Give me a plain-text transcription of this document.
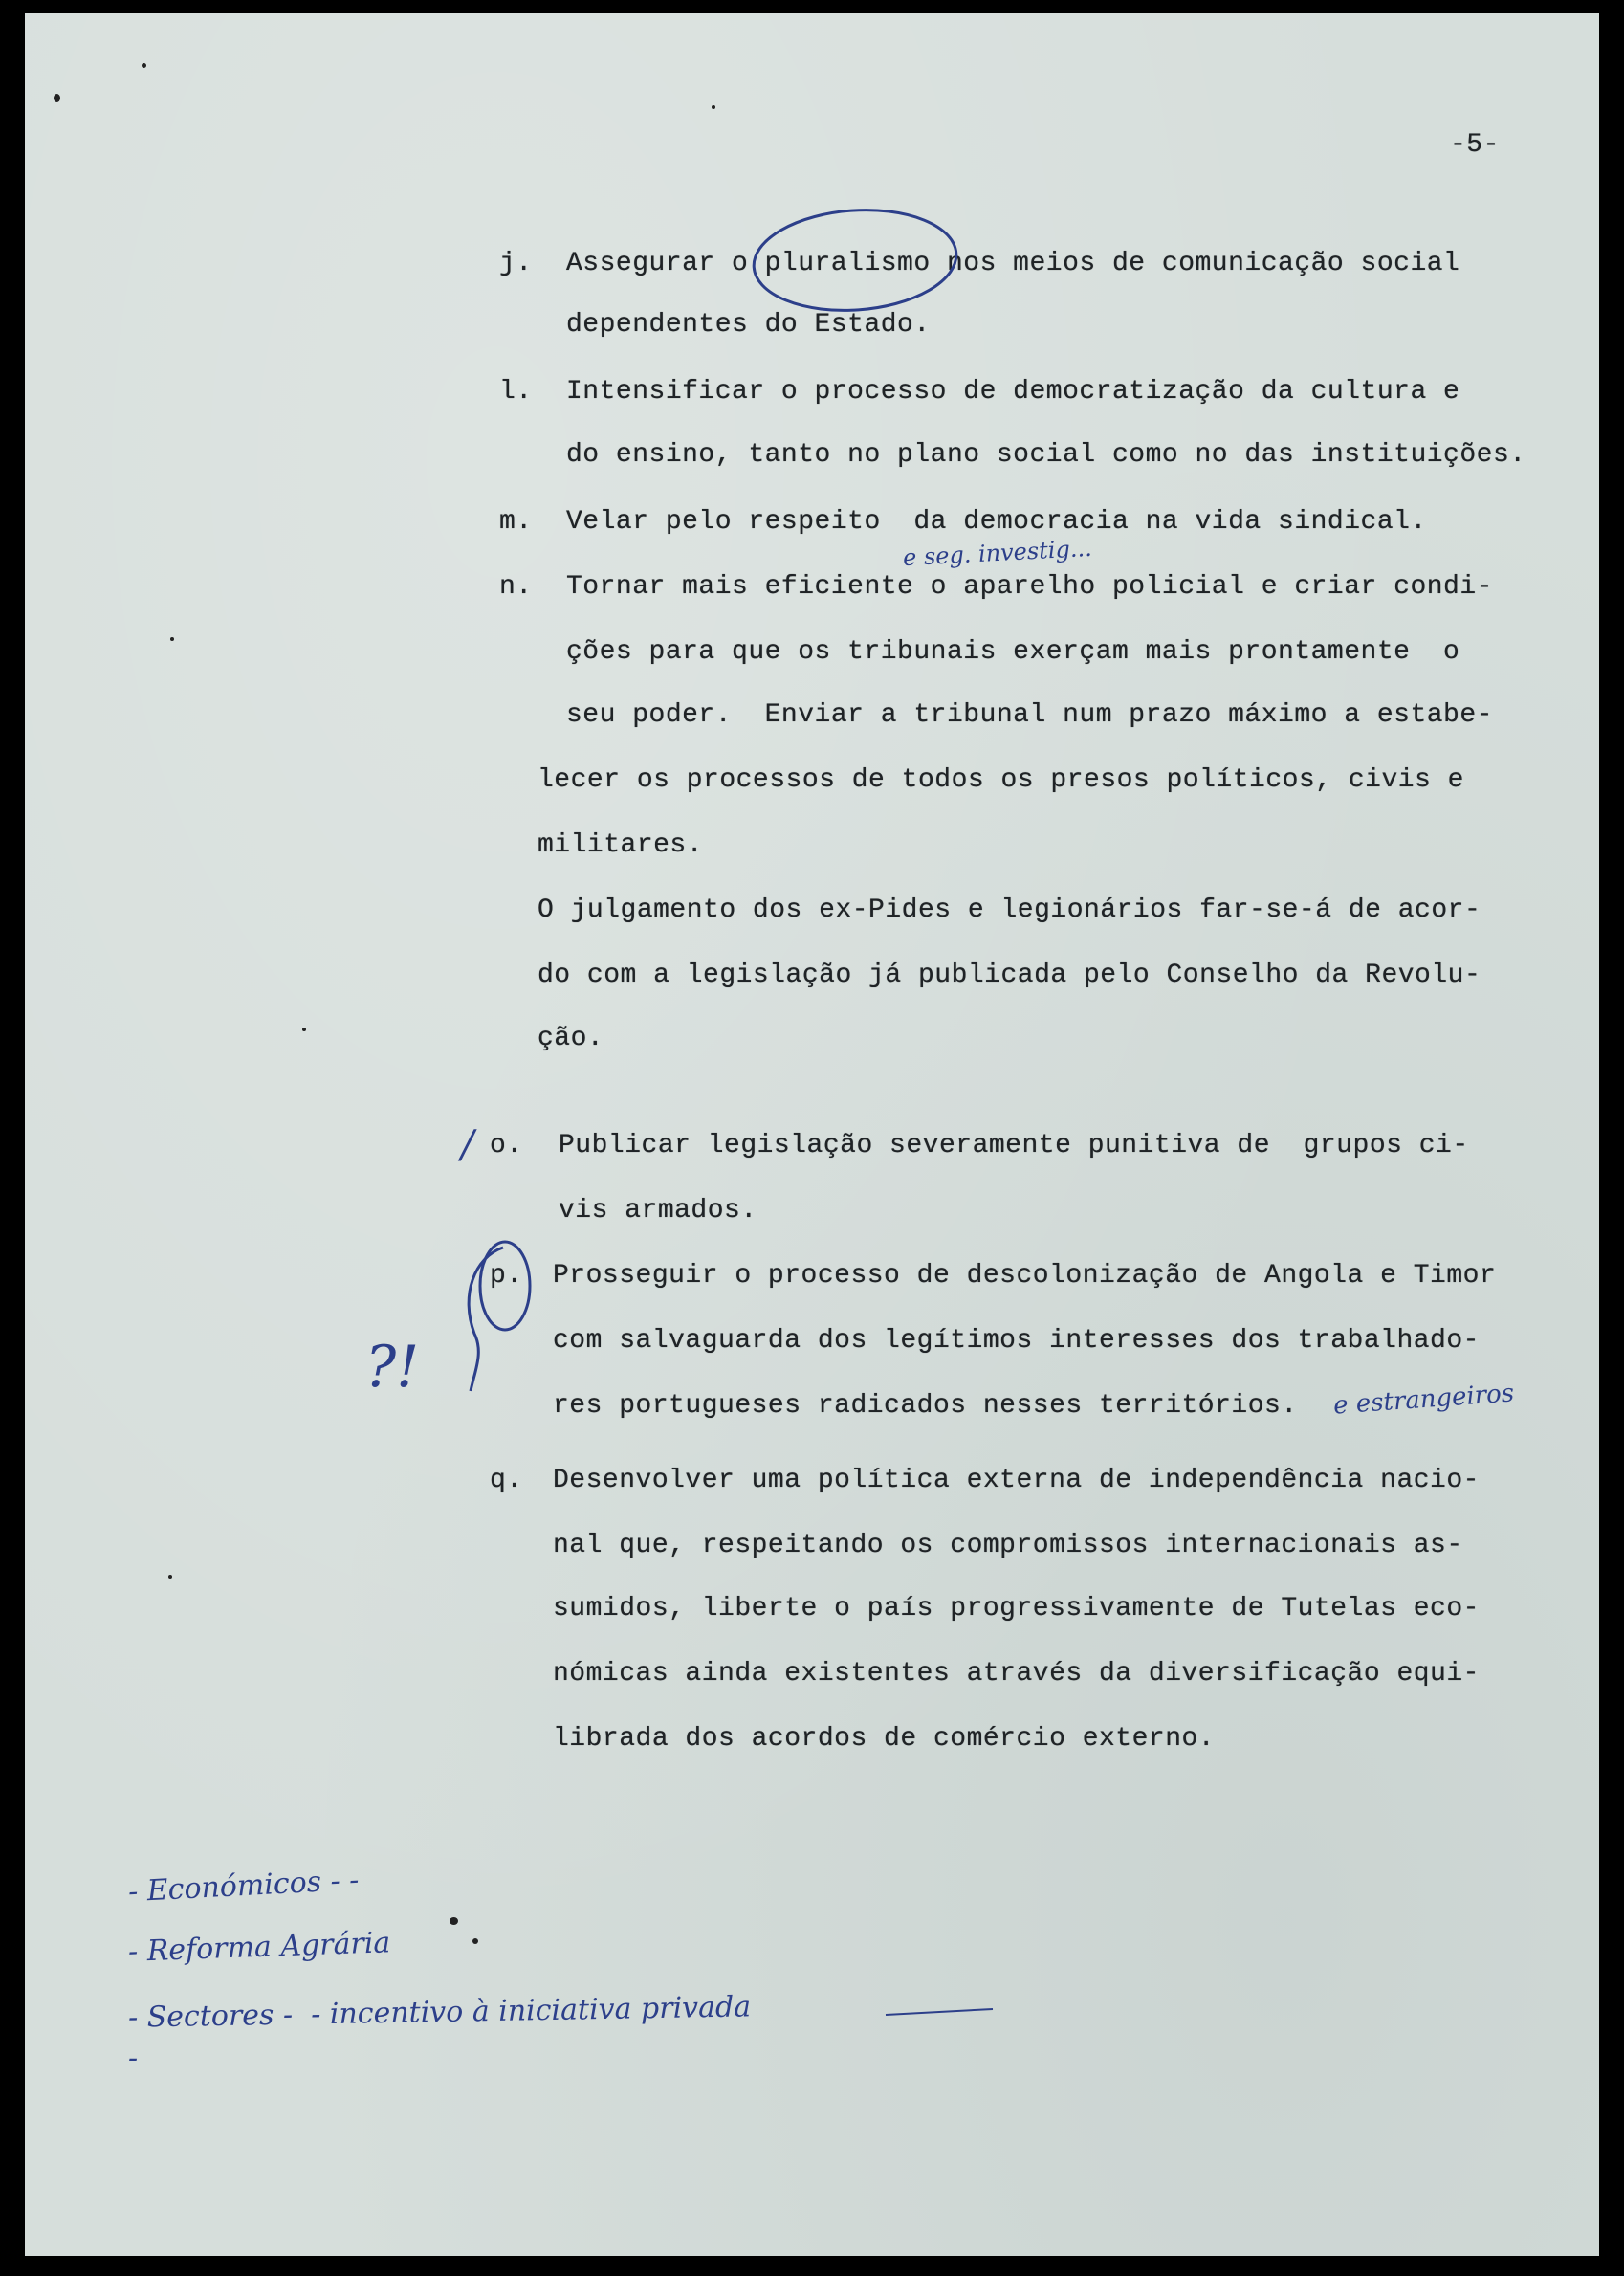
-5-
j. Assegurar o pluralismo nos meios de comunicação social
dependentes do Estado.
l. Intensificar o processo de democratização da cultura e
do ensino, tanto no plano social como no das instituições.
m. Velar pelo respeito  da democracia na vida sindical.
n. Tornar mais eficiente o aparelho policial e criar condi-
ções para que os tribunais exerçam mais prontamente  o
seu poder.  Enviar a tribunal num prazo máximo a estabe-
lecer os processos de todos os presos políticos, civis e
militares.
O julgamento dos ex-Pides e legionários far-se-á de acor-
do com a legislação já publicada pelo Conselho da Revolu-
ção.
o. Publicar legislação severamente punitiva de  grupos ci-
vis armados.
p. Prosseguir o processo de descolonização de Angola e Timor
com salvaguarda dos legítimos interesses dos trabalhado-
res portugueses radicados nesses territórios.
q. Desenvolver uma política externa de independência nacio-
nal que, respeitando os compromissos internacionais as-
sumidos, liberte o país progressivamente de Tutelas eco-
nómicas ainda existentes através da diversificação equi-
librada dos acordos de comércio externo.
e seg. investig...
e estrangeiros
?!
/
- Económicos - -
- Reforma Agrária
- Sectores -  - incentivo à iniciativa privada
-
